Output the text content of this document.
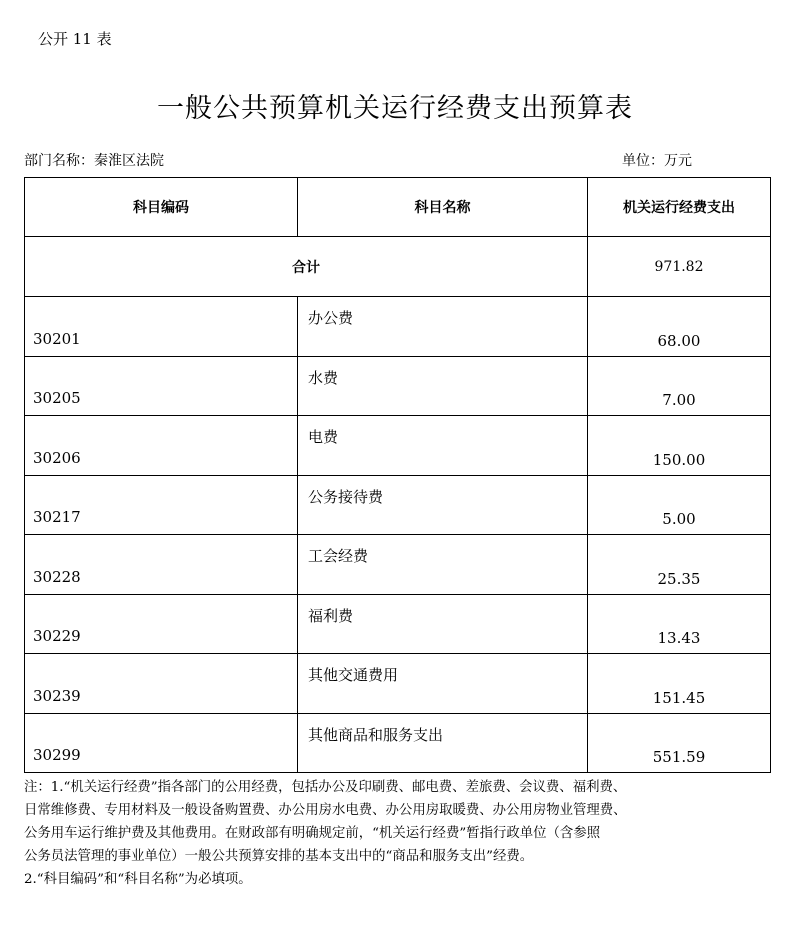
公开 11 表
一般公共预算机关运行经费支出预算表
部门名称：秦淮区法院	单位：万元
科目编码	科目名称	机关运行经费支出
合计		971.82

30201	办公费	68.00

30205	水费	7.00

30206	电费	150.00

30217	公务接待费	5.00

30228	工会经费	25.35

30229	福利费	13.43

30239	其他交通费用	151.45

30299	其他商品和服务支出	551.59

注：1.“机关运行经费”指各部门的公用经费，包括办公及印刷费、邮电费、差旅费、会议费、福利费、

日常维修费、专用材料及一般设备购置费、办公用房水电费、办公用房取暖费、办公用房物业管理费、

公务用车运行维护费及其他费用。在财政部有明确规定前，“机关运行经费”暂指行政单位（含参照

公务员法管理的事业单位）一般公共预算安排的基本支出中的“商品和服务支出”经费。

2.“科目编码”和“科目名称”为必填项。
